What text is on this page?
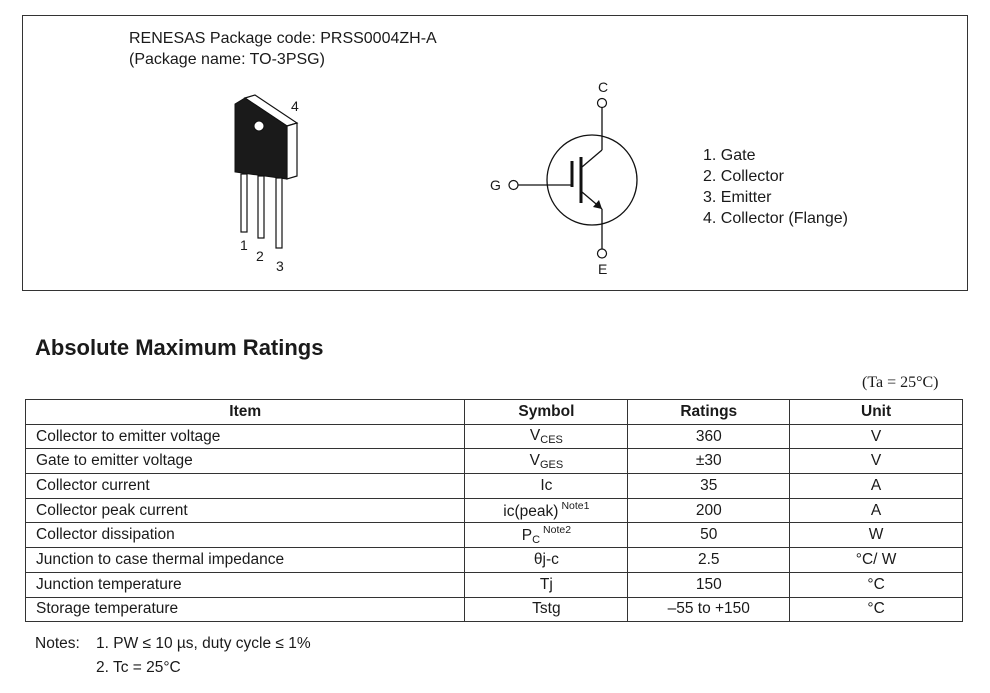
RENESAS Package code: PRSS0004ZH-A
(Package name: TO-3PSG)
4
1
2
3
C
G
E
1. Gate
2. Collector
3. Emitter
4. Collector (Flange)
Absolute Maximum Ratings
(Ta = 25°C)
Item	Symbol	Ratings	Unit
Collector to emitter voltage	$V_{CES}$	360	V
Gate to emitter voltage	$V_{GES}$	±30	V
Collector current	Ic	35	A
Collector peak current	ic(peak) $^{Note1}$	200	A
Collector dissipation	$P_C^{Note2}$	50	W
Junction to case thermal impedance	θj-c	2.5	°C/ W
Junction temperature	Tj	150	°C
Storage temperature	Tstg	–55 to +150	°C
Notes: 1. PW ≤ 10 µs, duty cycle ≤ 1%
2. Tc = 25°C
